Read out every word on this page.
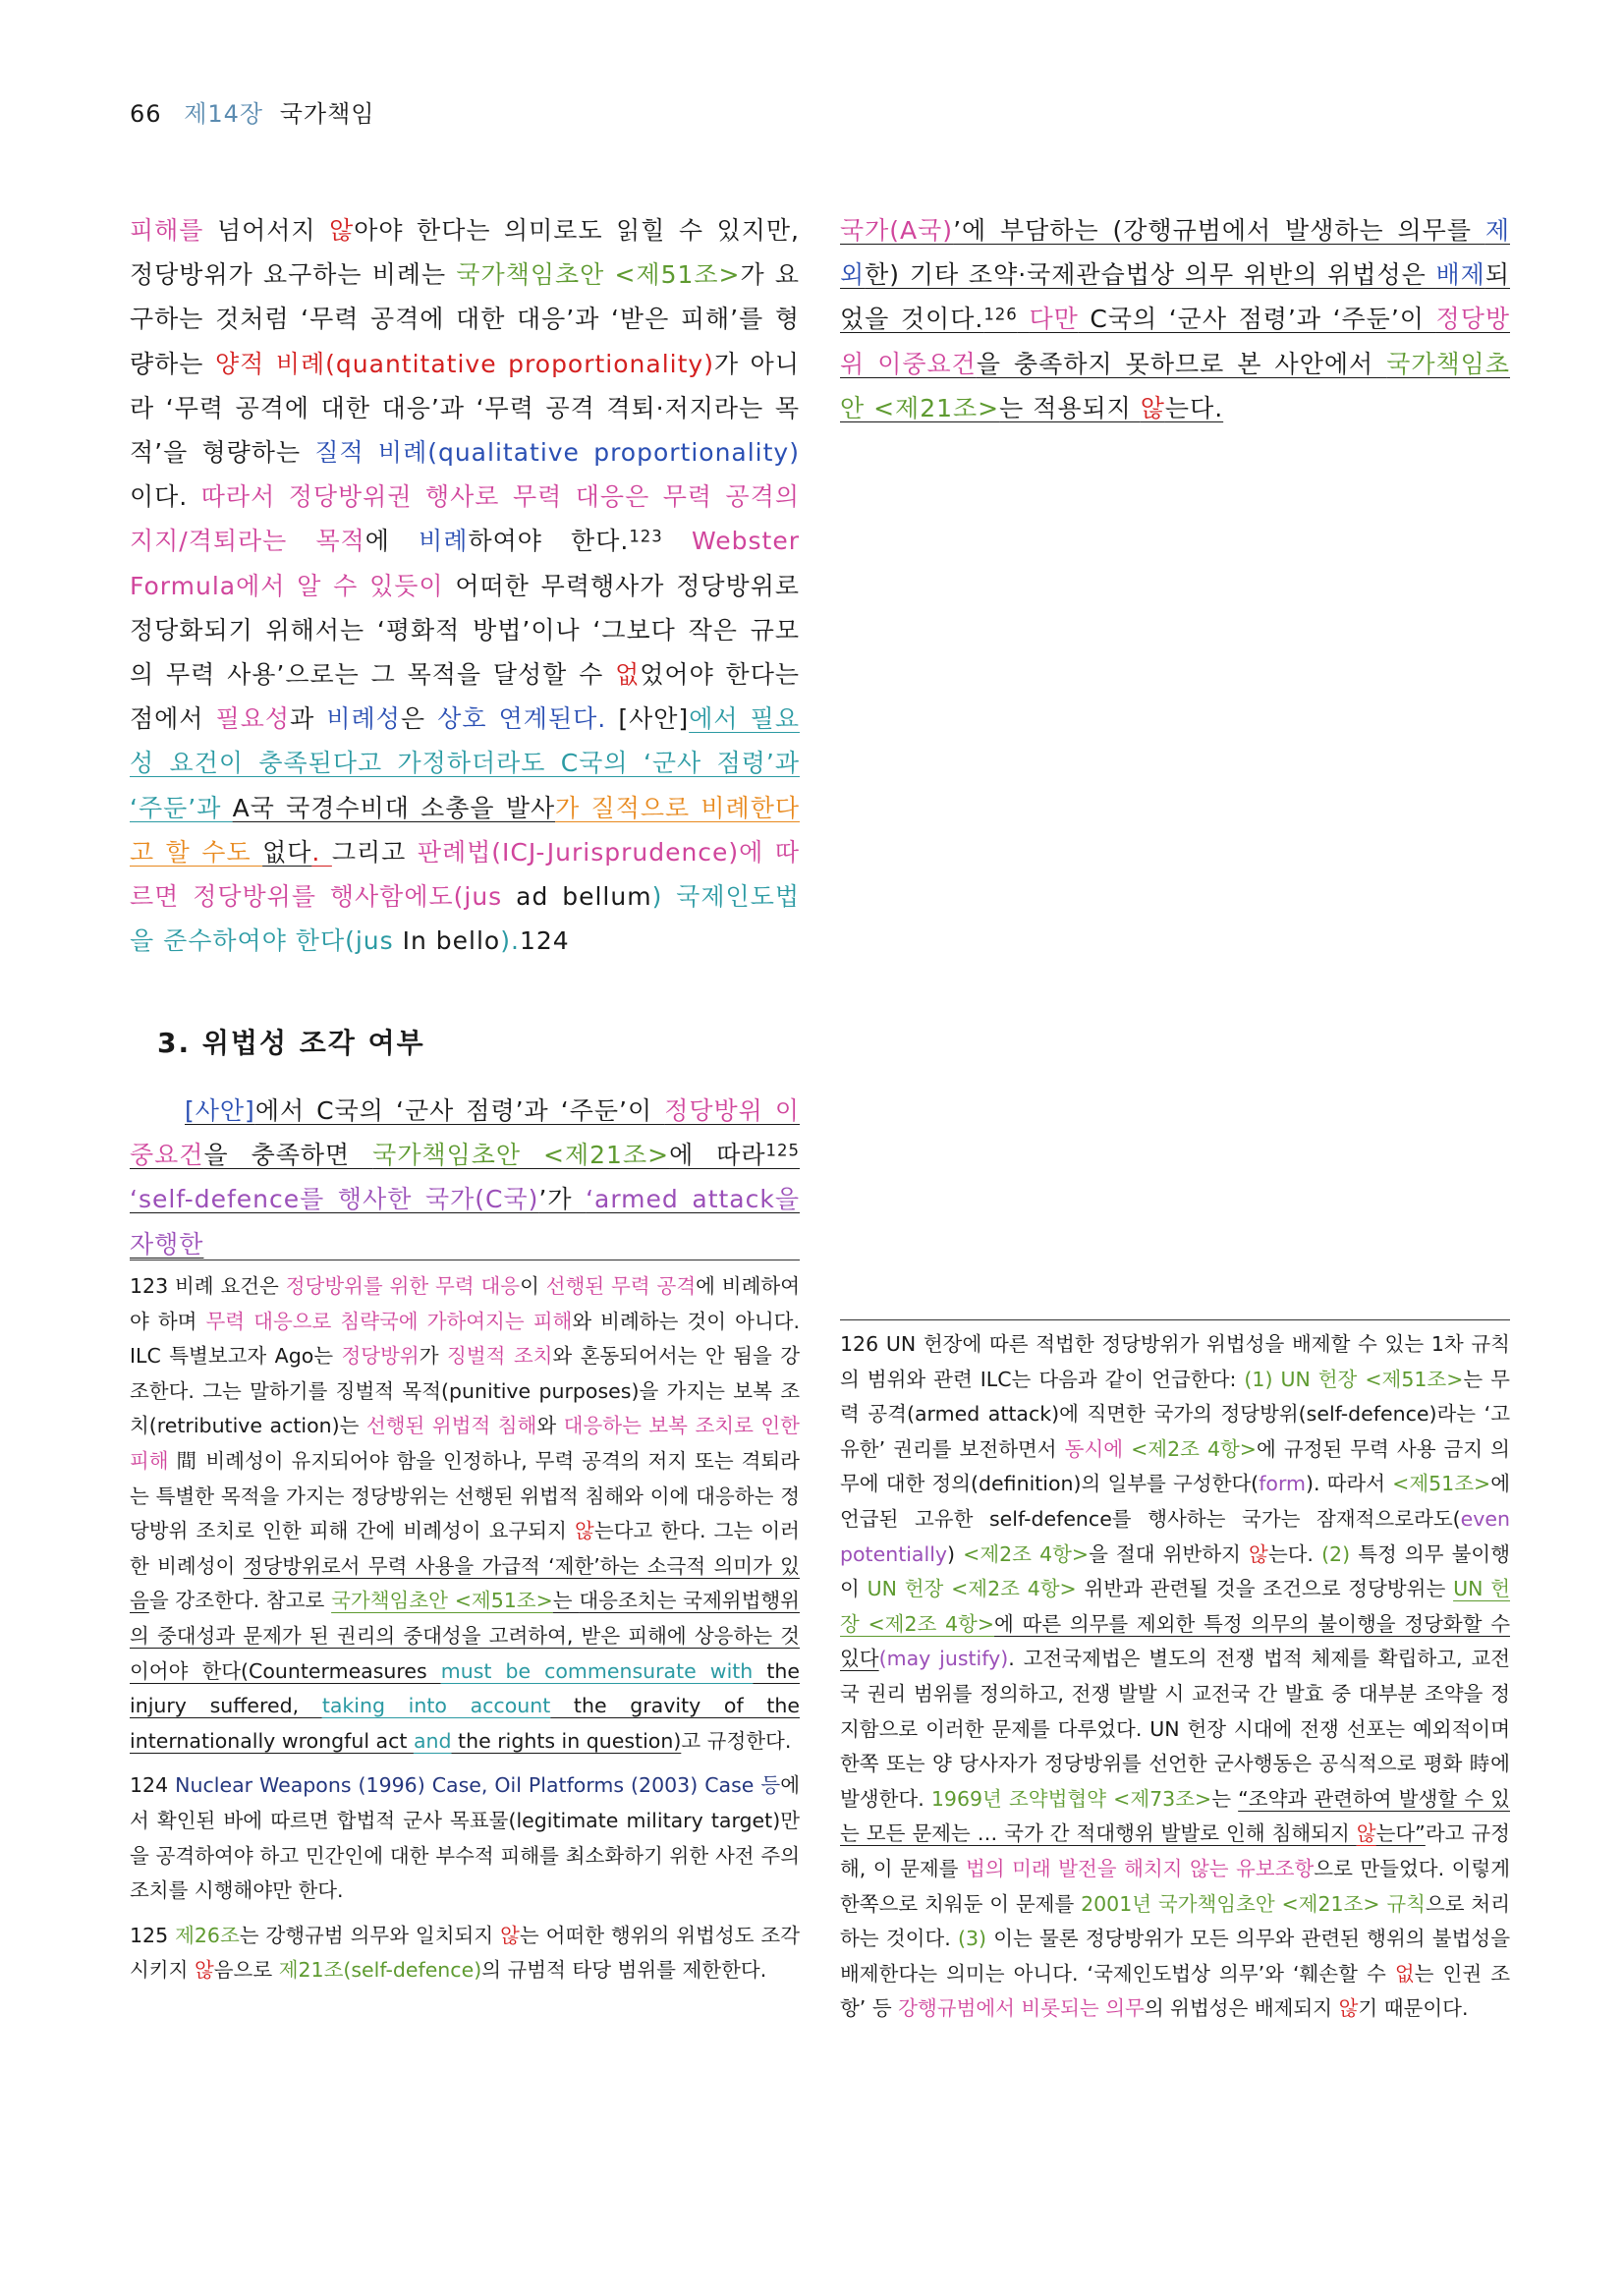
66 제14장 국가책임

피해를 넘어서지 않아야 한다는 의미로도 읽힐 수 있지만, 정당방위가 요구하는 비례는 국가책임초안 <제51조>가 요구하는 것처럼 ‘무력 공격에 대한 대응’과 ‘받은 피해’를 형량하는 양적 비례(quantitative proportionality)가 아니라 ‘무력 공격에 대한 대응’과 ‘무력 공격 격퇴·저지라는 목적’을 형량하는 질적 비례(qualitative proportionality)이다. 따라서 정당방위권 행사로 무력 대응은 무력 공격의 지지/격퇴라는 목적에 비례하여야 한다.$^{123}$ Webster Formula에서 알 수 있듯이 어떠한 무력행사가 정당방위로 정당화되기 위해서는 ‘평화적 방법’이나 ‘그보다 작은 규모의 무력 사용’으로는 그 목적을 달성할 수 없었어야 한다는 점에서 필요성과 비례성은 상호 연계된다. [사안]에서 필요성 요건이 충족된다고 가정하더라도 C국의 ‘군사 점령’과 ‘주둔’과 A국 국경수비대 소총을 발사가 질적으로 비례한다고 할 수도 없다. 그리고 판례법(ICJ-Jurisprudence)에 따르면 정당방위를 행사함에도(jus ad bellum) 국제인도법을 준수하여야 한다(jus In bello).124

국가(A국)’에 부담하는 (강행규범에서 발생하는 의무를 제외한) 기타 조약·국제관습법상 의무 위반의 위법성은 배제되었을 것이다.$^{126}$ 다만 C국의 ‘군사 점령’과 ‘주둔’이 정당방위 이중요건을 충족하지 못하므로 본 사안에서 국가책임초안 <제21조>는 적용되지 않는다.

3. 위법성 조각 여부

[사안]에서 C국의 ‘군사 점령’과 ‘주둔’이 정당방위 이중요건을 충족하면 국가책임초안 <제21조>에 따라$^{125}$ ‘self-defence를 행사한 국가(C국)’가 ‘armed attack을 자행한

123 비례 요건은 정당방위를 위한 무력 대응이 선행된 무력 공격에 비례하여야 하며 무력 대응으로 침략국에 가하여지는 피해와 비례하는 것이 아니다. ILC 특별보고자 Ago는 정당방위가 징벌적 조치와 혼동되어서는 안 됨을 강조한다. 그는 말하기를 징벌적 목적(punitive purposes)을 가지는 보복 조치(retributive action)는 선행된 위법적 침해와 대응하는 보복 조치로 인한 피해 間 비례성이 유지되어야 함을 인정하나, 무력 공격의 저지 또는 격퇴라는 특별한 목적을 가지는 정당방위는 선행된 위법적 침해와 이에 대응하는 정당방위 조치로 인한 피해 간에 비례성이 요구되지 않는다고 한다. 그는 이러한 비례성이 정당방위로서 무력 사용을 가급적 ‘제한’하는 소극적 의미가 있음을 강조한다. 참고로 국가책임초안 <제51조>는 대응조치는 국제위법행위의 중대성과 문제가 된 권리의 중대성을 고려하여, 받은 피해에 상응하는 것이어야 한다(Countermeasures must be commensurate with the injury suffered, taking into account the gravity of the internationally wrongful act and the rights in question)고 규정한다.

124 Nuclear Weapons (1996) Case, Oil Platforms (2003) Case 등에서 확인된 바에 따르면 합법적 군사 목표물(legitimate military target)만을 공격하여야 하고 민간인에 대한 부수적 피해를 최소화하기 위한 사전 주의 조치를 시행해야만 한다.

125 제26조는 강행규범 의무와 일치되지 않는 어떠한 행위의 위법성도 조각시키지 않음으로 제21조(self-defence)의 규범적 타당 범위를 제한한다.

126 UN 헌장에 따른 적법한 정당방위가 위법성을 배제할 수 있는 1차 규칙의 범위와 관련 ILC는 다음과 같이 언급한다: (1) UN 헌장 <제51조>는 무력 공격(armed attack)에 직면한 국가의 정당방위(self-defence)라는 ‘고유한’ 권리를 보전하면서 동시에 <제2조 4항>에 규정된 무력 사용 금지 의무에 대한 정의(definition)의 일부를 구성한다(form). 따라서 <제51조>에 언급된 고유한 self-defence를 행사하는 국가는 잠재적으로라도(even potentially) <제2조 4항>을 절대 위반하지 않는다. (2) 특정 의무 불이행이 UN 헌장 <제2조 4항> 위반과 관련될 것을 조건으로 정당방위는 UN 헌장 <제2조 4항>에 따른 의무를 제외한 특정 의무의 불이행을 정당화할 수 있다(may justify). 고전국제법은 별도의 전쟁 법적 체제를 확립하고, 교전국 권리 범위를 정의하고, 전쟁 발발 시 교전국 간 발효 중 대부분 조약을 정지함으로 이러한 문제를 다루었다. UN 헌장 시대에 전쟁 선포는 예외적이며 한쪽 또는 양 당사자가 정당방위를 선언한 군사행동은 공식적으로 평화 時에 발생한다. 1969년 조약법협약 <제73조>는 “조약과 관련하여 발생할 수 있는 모든 문제는 … 국가 간 적대행위 발발로 인해 침해되지 않는다”라고 규정해, 이 문제를 법의 미래 발전을 해치지 않는 유보조항으로 만들었다. 이렇게 한쪽으로 치워둔 이 문제를 2001년 국가책임초안 <제21조> 규칙으로 처리하는 것이다. (3) 이는 물론 정당방위가 모든 의무와 관련된 행위의 불법성을 배제한다는 의미는 아니다. ‘국제인도법상 의무’와 ‘훼손할 수 없는 인권 조항’ 등 강행규범에서 비롯되는 의무의 위법성은 배제되지 않기 때문이다.
